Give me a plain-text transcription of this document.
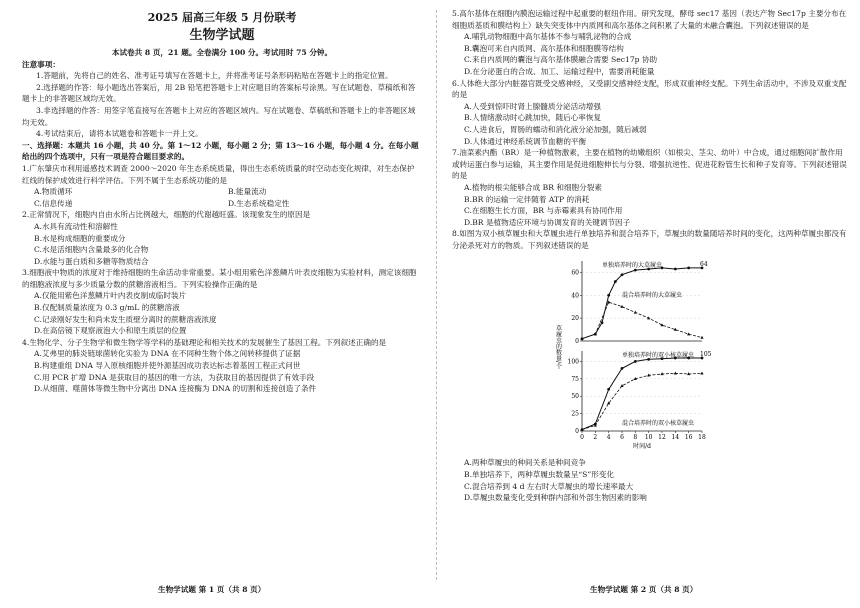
2025 届高三年级 5 月份联考
生物学试题
本试卷共 8 页，21 题。全卷满分 100 分。考试用时 75 分钟。
注意事项：
1.答题前，先将自己的姓名、准考证号填写在答题卡上，并将准考证号条形码粘贴在答题卡上的指定位置。
2.选择题的作答：每小题选出答案后，用 2B 铅笔把答题卡上对应题目的答案标号涂黑。写在试题卷、草稿纸和答题卡上的非答题区域均无效。
3.非选择题的作答：用签字笔直接写在答题卡上对应的答题区域内。写在试题卷、草稿纸和答题卡上的非答题区域均无效。
4.考试结束后，请将本试题卷和答题卡一并上交。
一、选择题：本题共 16 小题，共 40 分。第 1～12 小题，每小题 2 分；第 13～16 小题，每小题 4 分。在每小题给出的四个选项中，只有一项是符合题目要求的。
1.广东肇庆市利用遥感技术调查 2000～2020 年生态系统质量，得出生态系统质量的时空动态变化规律，对生态保护红线的保护成效进行科学评估。下列不属于生态系统功能的是
A.物质循环	B.能量流动
C.信息传递	D.生态系统稳定性
2.正常情况下，细胞内自由水所占比例越大，细胞的代谢越旺盛。该现象发生的原因是
A.水具有流动性和溶解性
B.水是构成细胞的重要成分
C.水是活细胞内含量最多的化合物
D.水能与蛋白质和多糖等物质结合
3.细胞液中物质的浓度对于维持细胞的生命活动非常重要。某小组用紫色洋葱鳞片叶表皮细胞为实验材料，测定该细胞的细胞液浓度与多少质量分数的蔗糖溶液相当。下列实验操作正确的是
A.仅能用紫色洋葱鳞片叶内表皮制成临时装片
B.仅配制质量浓度为 0.3 g/mL 的蔗糖溶液
C.记录刚好发生和尚未发生质壁分离时的蔗糖溶液浓度
D.在高倍镜下观察液泡大小和原生质层的位置
4.生物化学、分子生物学和微生物学等学科的基础理论和相关技术的发展催生了基因工程。下列叙述正确的是
A.艾弗里的肺炎链球菌转化实验为 DNA 在不同种生物个体之间转移提供了证据
B.构建重组 DNA 导入原核细胞并使外源基因成功表达标志着基因工程正式问世
C.用 PCR 扩增 DNA 是获取目的基因的唯一方法，为获取目的基因提供了有效手段
D.从细菌、噬菌体等微生物中分离出 DNA 连接酶为 DNA 的切割和连接创造了条件
5.高尔基体在细胞内膜泡运输过程中起重要的枢纽作用。研究发现，酵母 sec17 基因（表达产物 Sec17p 主要分布在细胞质基质和膜结构上）缺失突变体中内质网和高尔基体之间积累了大量的未融合囊泡。下列叙述错误的是
A.哺乳动物细胞中高尔基体不参与哺乳泌物的合成
B.囊泡可来自内质网、高尔基体和细胞膜等结构
C.来自内质网的囊泡与高尔基体膜融合需要 Sec17p 协助
D.在分泌蛋白的合成、加工、运输过程中，需要消耗能量
6.人体绝大部分内脏器官既受交感神经，又受副交感神经支配，形成双重神经支配。下列生命活动中，不涉及双重支配的是
A.人受到惊吓时肾上腺髓质分泌活动增强
B.人情绪激动时心跳加快，随后心率恢复
C.人进食后，胃肠的蠕动和消化液分泌加强，随后减弱
D.人体通过神经系统调节血糖的平衡
7.油菜素内酯（BR）是一种植物激素，主要在植物的幼嫩组织（如根尖、茎尖、幼叶）中合成，通过细胞间扩散作用或转运蛋白参与运输，其主要作用是促进细胞伸长与分裂、增强抗逆性、促进花粉管生长和种子发育等。下列叙述错误的是
A.植物的根尖能够合成 BR 和细胞分裂素
B.BR 的运输一定伴随着 ATP 的消耗
C.在细胞生长方面，BR 与赤霉素具有协同作用
D.BR 是植物适应环境与协调发育的关键调节因子
8.如图为双小核草履虫和大草履虫进行单独培养和混合培养下，草履虫的数量随培养时间的变化，这两种草履虫都没有分泌杀死对方的物质。下列叙述错误的是
0
20
40
60
64
单独培养时的大草履虫
混合培养时的大草履虫
0
25
50
75
100
105
单独培养时的双小核草履虫
混合培养时的双小核草履虫
0 2 4 6 8 10 12 14 16 18
时间/d
草履虫的数量/个
A.两种草履虫的种间关系是种间竞争
B.单独培养下，两种草履虫数量呈“S”形变化
C.混合培养到 4 d 左右时大草履虫的增长速率最大
D.草履虫数量变化受到种群内部和外部生物因素的影响
生物学试题 第 1 页（共 8 页）	生物学试题 第 2 页（共 8 页）
